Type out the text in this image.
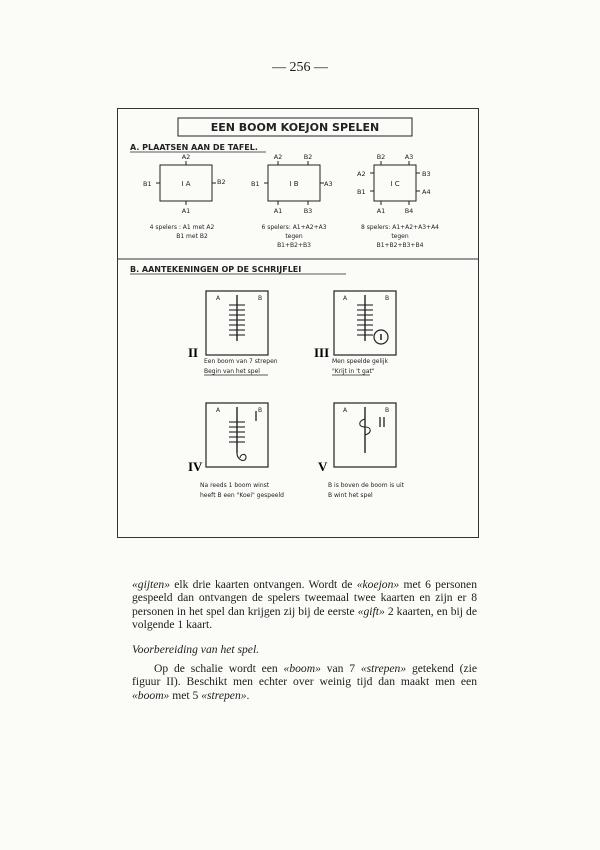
— 256 —
EEN BOOM KOEJON SPELEN
A. PLAATSEN AAN DE TAFEL.
I A
A2
B1	B2
A1
4 spelers : A1 met A2
B1 met B2
I B
A2	B2
B1	A3
A1	B3
6 spelers: A1+A2+A3
tegen
B1+B2+B3
I C
B2	A3
A2	B3
B1	A4
A1	B4
8 spelers: A1+A2+A3+A4
tegen
B1+B2+B3+B4
B. AANTEKENINGEN OP DE SCHRIJFLEI
A	B
II
Een boom van 7 strepen
Begin van het spel
A	B
I
III
Men speelde gelijk
"Krijt in 't gat"
A	B
IV
Na reeds 1 boom winst
heeft B een "Koei" gespeeld
A	B
V
B is boven de boom is uit
B wint het spel

«gijten» elk drie kaarten ontvangen. Wordt de «koejon» met 6 personen gespeeld dan ontvangen de spelers tweemaal twee kaarten en zijn er 8 personen in het spel dan krijgen zij bij de eerste «gift» 2 kaarten, en bij de volgende 1 kaart.

Voorbereiding van het spel.

Op de schalie wordt een «boom» van 7 «strepen» getekend (zie figuur II). Beschikt men echter over weinig tijd dan maakt men een «boom» met 5 «strepen».
